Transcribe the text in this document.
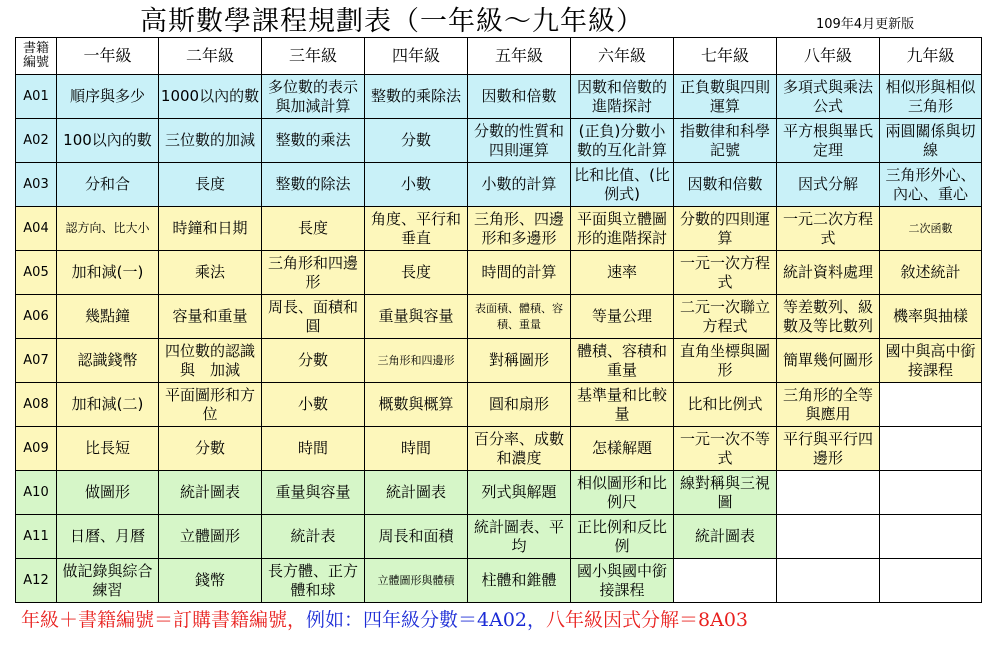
高斯數學課程規劃表（一年級～九年級）	109年4月更新版
書籍
編號	一年級	二年級	三年級	四年級	五年級	六年級	七年級	八年級	九年級
A01	順序與多少	1000以內的數	多位數的表示與加減計算	整數的乘除法	因數和倍數	因數和倍數的進階探討	正負數與四則運算	多項式與乘法公式	相似形與相似三角形
A02	100以內的數	三位數的加減	整數的乘法	分數	分數的性質和四則運算	(正負)分數小數的互化計算	指數律和科學記號	平方根與畢氏定理	兩圓關係與切線
A03	分和合	長度	整數的除法	小數	小數的計算	比和比值、(比例式)	因數和倍數	因式分解	三角形外心、內心、重心
A04	認方向、比大小	時鐘和日期	長度	角度、平行和垂直	三角形、四邊形和多邊形	平面與立體圖形的進階探討	分數的四則運算	一元二次方程式	二次函數
A05	加和減(一)	乘法	三角形和四邊形	長度	時間的計算	速率	一元一次方程式	統計資料處理	敘述統計
A06	幾點鐘	容量和重量	周長、面積和圓	重量與容量	表面積、體積、容積、重量	等量公理	二元一次聯立方程式	等差數列、級數及等比數列	機率與抽樣
A07	認識錢幣	四位數的認識與　加減	分數	三角形和四邊形	對稱圖形	體積、容積和重量	直角坐標與圖形	簡單幾何圖形	國中與高中銜接課程
A08	加和減(二)	平面圖形和方位	小數	概數與概算	圓和扇形	基準量和比較量	比和比例式	三角形的全等與應用	
A09	比長短	分數	時間	時間	百分率、成數和濃度	怎樣解題	一元一次不等式	平行與平行四邊形	
A10	做圖形	統計圖表	重量與容量	統計圖表	列式與解題	相似圖形和比例尺	線對稱與三視圖		
A11	日曆、月曆	立體圖形	統計表	周長和面積	統計圖表、平均	正比例和反比例	統計圖表		
A12	做記錄與綜合練習	錢幣	長方體、正方體和球	立體圖形與體積	柱體和錐體	國小與國中銜接課程			
年級＋書籍編號＝訂購書籍編號，例如：四年級分數＝4A02，八年級因式分解＝8A03
